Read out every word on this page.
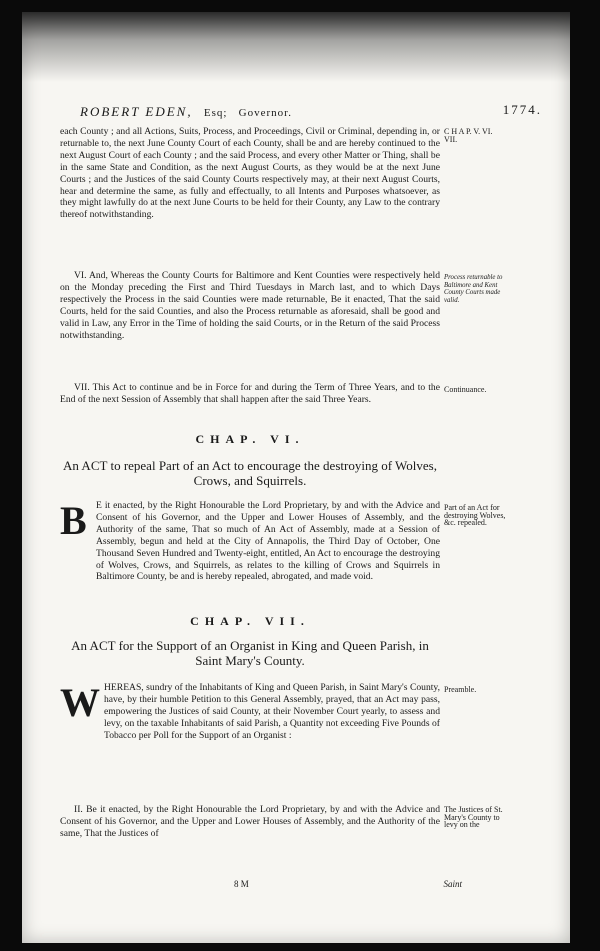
ROBERT EDEN, Esq; Governor.	1774.

each County ; and all Actions, Suits, Process, and Proceedings, Civil or Criminal, depending in, or returnable to, the next June County Court of each County, shall be and are hereby continued to the next August Court of each County ; and the said Process, and every other Matter or Thing, shall be in the same State and Condition, as the next August Courts, as they would be at the next June Courts ; and the Justices of the said County Courts respectively may, at their next August Courts, hear and determine the same, as fully and effectually, to all Intents and Purposes whatsoever, as they might lawfully do at the next June Courts to be held for their County, any Law to the contrary thereof notwithstanding.

C H A P. V. VI. VII.

VI. And, Whereas the County Courts for Baltimore and Kent Counties were respectively held on the Monday preceding the First and Third Tuesdays in March last, and to which Days respectively the Process in the said Counties were made returnable, Be it enacted, That the said Courts, held for the said Counties, and also the Process returnable as aforesaid, shall be good and valid in Law, any Error in the Time of holding the said Courts, or in the Return of the said Process notwithstanding.

Process returnable to Baltimore and Kent County Courts made valid.

VII. This Act to continue and be in Force for and during the Term of Three Years, and to the End of the next Session of Assembly that shall happen after the said Three Years.

Continuance.
CHAP. VI.
An ACT to repeal Part of an Act to encourage the destroying of Wolves, Crows, and Squirrels.
B E it enacted, by the Right Honourable the Lord Proprietary, by and with the Advice and Consent of his Governor, and the Upper and Lower Houses of Assembly, and the Authority of the same, That so much of An Act of Assembly, made at a Session of Assembly, begun and held at the City of Annapolis, the Third Day of October, One Thousand Seven Hundred and Twenty-eight, entitled, An Act to encourage the destroying of Wolves, Crows, and Squirrels, as relates to the killing of Crows and Squirrels in Baltimore County, be and is hereby repealed, abrogated, and made void.

Part of an Act for destroying Wolves, &c. repealed.
CHAP. VII.
An ACT for the Support of an Organist in King and Queen Parish, in Saint Mary's County.
W HEREAS, sundry of the Inhabitants of King and Queen Parish, in Saint Mary's County, have, by their humble Petition to this General Assembly, prayed, that an Act may pass, empowering the Justices of said County, at their November Court yearly, to assess and levy, on the taxable Inhabitants of said Parish, a Quantity not exceeding Five Pounds of Tobacco per Poll for the Support of an Organist :

Preamble.

II. Be it enacted, by the Right Honourable the Lord Proprietary, by and with the Advice and Consent of his Governor, and the Upper and Lower Houses of Assembly, and the Authority of the same, That the Justices of

The Justices of St. Mary's County to levy on the
8 M	Saint
